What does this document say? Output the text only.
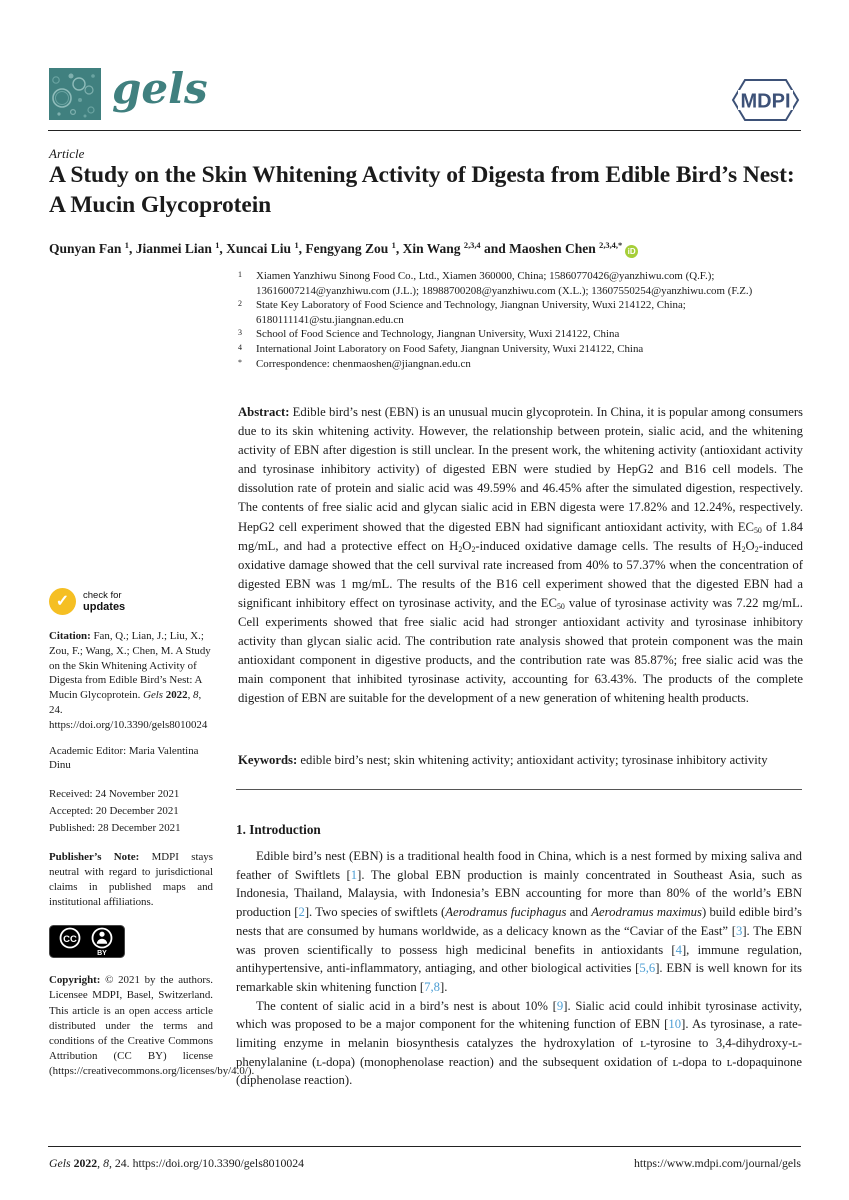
gels	MDPI
Article
A Study on the Skin Whitening Activity of Digesta from Edible Bird’s Nest: A Mucin Glycoprotein
Qunyan Fan $^1$, Jianmei Lian $^1$, Xuncai Liu $^1$, Fengyang Zou $^1$, Xin Wang $^{2,3,4}$ and Maoshen Chen $^{2,3,4,*}$iD
1	Xiamen Yanzhiwu Sinong Food Co., Ltd., Xiamen 360000, China; 15860770426@yanzhiwu.com (Q.F.); 13616007214@yanzhiwu.com (J.L.); 18988700208@yanzhiwu.com (X.L.); 13607550254@yanzhiwu.com (F.Z.)
2	State Key Laboratory of Food Science and Technology, Jiangnan University, Wuxi 214122, China; 6180111141@stu.jiangnan.edu.cn
3	School of Food Science and Technology, Jiangnan University, Wuxi 214122, China
4	International Joint Laboratory on Food Safety, Jiangnan University, Wuxi 214122, China
*	Correspondence: chenmaoshen@jiangnan.edu.cn
Abstract: Edible bird’s nest (EBN) is an unusual mucin glycoprotein. In China, it is popular among consumers due to its skin whitening activity. However, the relationship between protein, sialic acid, and the whitening activity of EBN after digestion is still unclear. In the present work, the whitening activity (antioxidant activity and tyrosinase inhibitory activity) of digested EBN were studied by HepG2 and B16 cell models. The dissolution rate of protein and sialic acid was 49.59% and 46.45% after the simulated digestion, respectively. The contents of free sialic acid and glycan sialic acid in EBN digesta were 17.82% and 12.24%, respectively. HepG2 cell experiment showed that the digested EBN had significant antioxidant activity, with $EC_{50}$ of 1.84 mg/mL, and had a protective effect on $H_2O_2$-induced oxidative damage cells. The results of $H_2O_2$-induced oxidative damage showed that the cell survival rate increased from 40% to 57.37% when the concentration of digested EBN was 1 mg/mL. The results of the B16 cell experiment showed that the digested EBN had a significant inhibitory effect on tyrosinase activity, and the $EC_{50}$ value of tyrosinase activity was 7.22 mg/mL. Cell experiments showed that free sialic acid had stronger antioxidant activity and tyrosinase inhibitory activity than glycan sialic acid. The contribution rate analysis showed that protein component was the main antioxidant component in digestive products, and the contribution rate was 85.87%; free sialic acid was the main component that inhibited tyrosinase activity, accounting for 63.43%. The products of the complete digestion of EBN are suitable for the development of a new generation of whitening health products.
Keywords: edible bird’s nest; skin whitening activity; antioxidant activity; tyrosinase inhibitory activity
1. Introduction

Edible bird’s nest (EBN) is a traditional health food in China, which is a nest formed by mixing saliva and feather of Swiftlets [1]. The global EBN production is mainly concentrated in Southeast Asia, such as Indonesia, Thailand, Malaysia, with Indonesia’s EBN accounting for more than 80% of the world’s EBN production [2]. Two species of swiftlets (Aerodramus fuciphagus and Aerodramus maximus) build edible bird’s nests that are consumed by humans worldwide, as a delicacy known as the “Caviar of the East” [3]. The EBN was proven scientifically to possess high medicinal benefits in antioxidants [4], immune regulation, antihypertensive, anti-inflammatory, antiaging, and other biological activities [5,6]. EBN is well known for its remarkable skin whitening function [7,8].

The content of sialic acid in a bird’s nest is about 10% [9]. Sialic acid could inhibit tyrosinase activity, which was proposed to be a major component for the whitening function of EBN [10]. As tyrosinase, a rate-limiting enzyme in melanin biosynthesis catalyzes the hydroxylation of ʟ-tyrosine to 3,4-dihydroxy-ʟ-phenylalanine (ʟ-dopa) (monophenolase reaction) and the subsequent oxidation of ʟ-dopa to ʟ-dopaquinone (diphenolase reaction).

✓	check for
updates
Citation: Fan, Q.; Lian, J.; Liu, X.; Zou, F.; Wang, X.; Chen, M. A Study on the Skin Whitening Activity of Digesta from Edible Bird’s Nest: A Mucin Glycoprotein. Gels 2022, 8, 24. https://doi.org/10.3390/gels8010024
Academic Editor: Maria Valentina Dinu
Received: 24 November 2021
Accepted: 20 December 2021
Published: 28 December 2021
Publisher’s Note: MDPI stays neutral with regard to jurisdictional claims in published maps and institutional affiliations.
CC
BY
Copyright: © 2021 by the authors. Licensee MDPI, Basel, Switzerland. This article is an open access article distributed under the terms and conditions of the Creative Commons Attribution (CC BY) license (https://creativecommons.org/licenses/by/4.0/).
Gels 2022, 8, 24. https://doi.org/10.3390/gels8010024	https://www.mdpi.com/journal/gels
